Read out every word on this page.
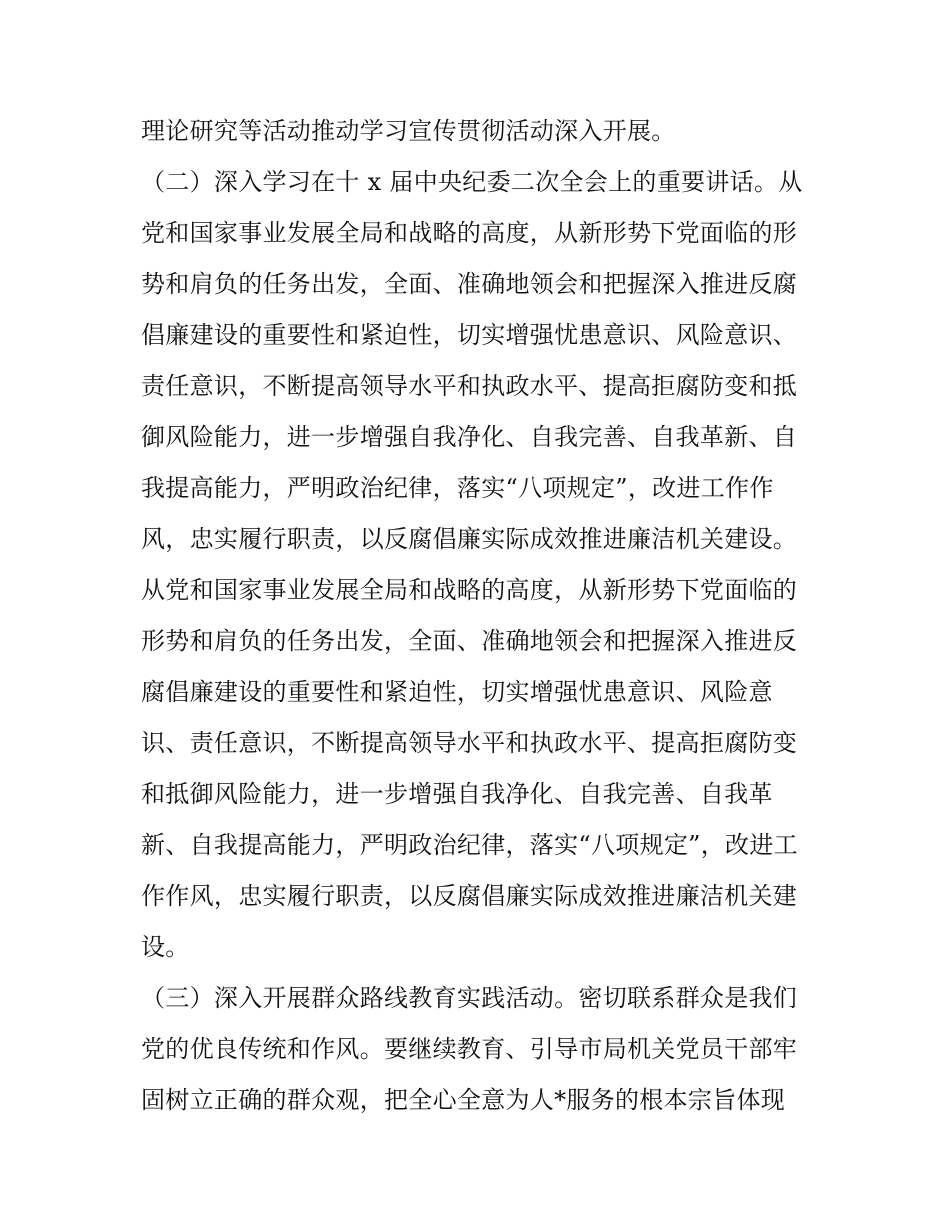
理论研究等活动推动学习宣传贯彻活动深入开展。
（二）深入学习在十 x 届中央纪委二次全会上的重要讲话。从
党和国家事业发展全局和战略的高度，从新形势下党面临的形
势和肩负的任务出发，全面、准确地领会和把握深入推进反腐
倡廉建设的重要性和紧迫性，切实增强忧患意识、风险意识、
责任意识，不断提高领导水平和执政水平、提高拒腐防变和抵
御风险能力，进一步增强自我净化、自我完善、自我革新、自
我提高能力，严明政治纪律，落实“八项规定”，改进工作作
风，忠实履行职责，以反腐倡廉实际成效推进廉洁机关建设。
从党和国家事业发展全局和战略的高度，从新形势下党面临的
形势和肩负的任务出发，全面、准确地领会和把握深入推进反
腐倡廉建设的重要性和紧迫性，切实增强忧患意识、风险意
识、责任意识，不断提高领导水平和执政水平、提高拒腐防变
和抵御风险能力，进一步增强自我净化、自我完善、自我革
新、自我提高能力，严明政治纪律，落实“八项规定”，改进工
作作风，忠实履行职责，以反腐倡廉实际成效推进廉洁机关建
设。
（三）深入开展群众路线教育实践活动。密切联系群众是我们
党的优良传统和作风。要继续教育、引导市局机关党员干部牢
固树立正确的群众观，把全心全意为人*服务的根本宗旨体现
